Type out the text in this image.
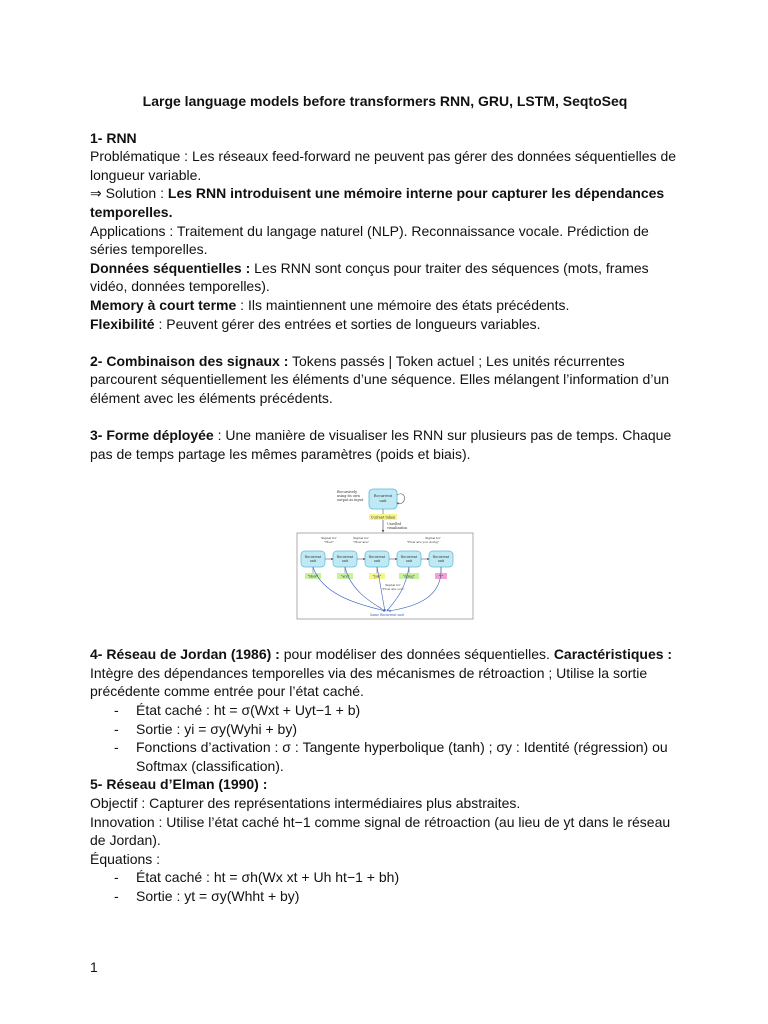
Large language models before transformers RNN, GRU, LSTM, SeqtoSeq

1- RNN

Problématique : Les réseaux feed-forward ne peuvent pas gérer des données séquentielles de longueur variable.

⇒ Solution : Les RNN introduisent une mémoire interne pour capturer les dépendances temporelles.

Applications : Traitement du langage naturel (NLP). Reconnaissance vocale. Prédiction de séries temporelles.

Données séquentielles : Les RNN sont conçus pour traiter des séquences (mots, frames vidéo, données temporelles).

Memory à court terme : Ils maintiennent une mémoire des états précédents.

Flexibilité : Peuvent gérer des entrées et sorties de longueurs variables.

2- Combinaison des signaux : Tokens passés | Token actuel ; Les unités récurrentes parcourent séquentiellement les éléments d’une séquence. Elles mélangent l’information d’un élément avec les éléments précédents.

3- Forme déployée : Une manière de visualiser les RNN sur plusieurs pas de temps. Chaque pas de temps partage les mêmes paramètres (poids et biais).

Recursively
using its own
output as input
Recurrent
unit
Current token
Unrolled
visualization
Signal for
"How"
Signal for
"How are"
Signal for
"How are you doing"
Recurrent
unit
Recurrent
unit
Recurrent
unit
Recurrent
unit
Recurrent
unit
"How"	"are"	"you"	"doing"	"?"
Signal for
"How are you"
Same Recurrent unit

4- Réseau de Jordan (1986) : pour modéliser des données séquentielles. Caractéristiques :

Intègre des dépendances temporelles via des mécanismes de rétroaction ; Utilise la sortie précédente comme entrée pour l’état caché.

- État caché : ht = σ(Wxt + Uyt−1 + b)
- Sortie : yi = σy(Wyhi + by)
- Fonctions d’activation : σ : Tangente hyperbolique (tanh) ; σy : Identité (régression) ou Softmax (classification).

5- Réseau d’Elman (1990) :

Objectif : Capturer des représentations intermédiaires plus abstraites.

Innovation : Utilise l’état caché ht−1 comme signal de rétroaction (au lieu de yt dans le réseau de Jordan).

Équations :

- État caché : ht = σh(Wx xt + Uh ht−1 + bh)
- Sortie : yt = σy(Whht + by)
1
